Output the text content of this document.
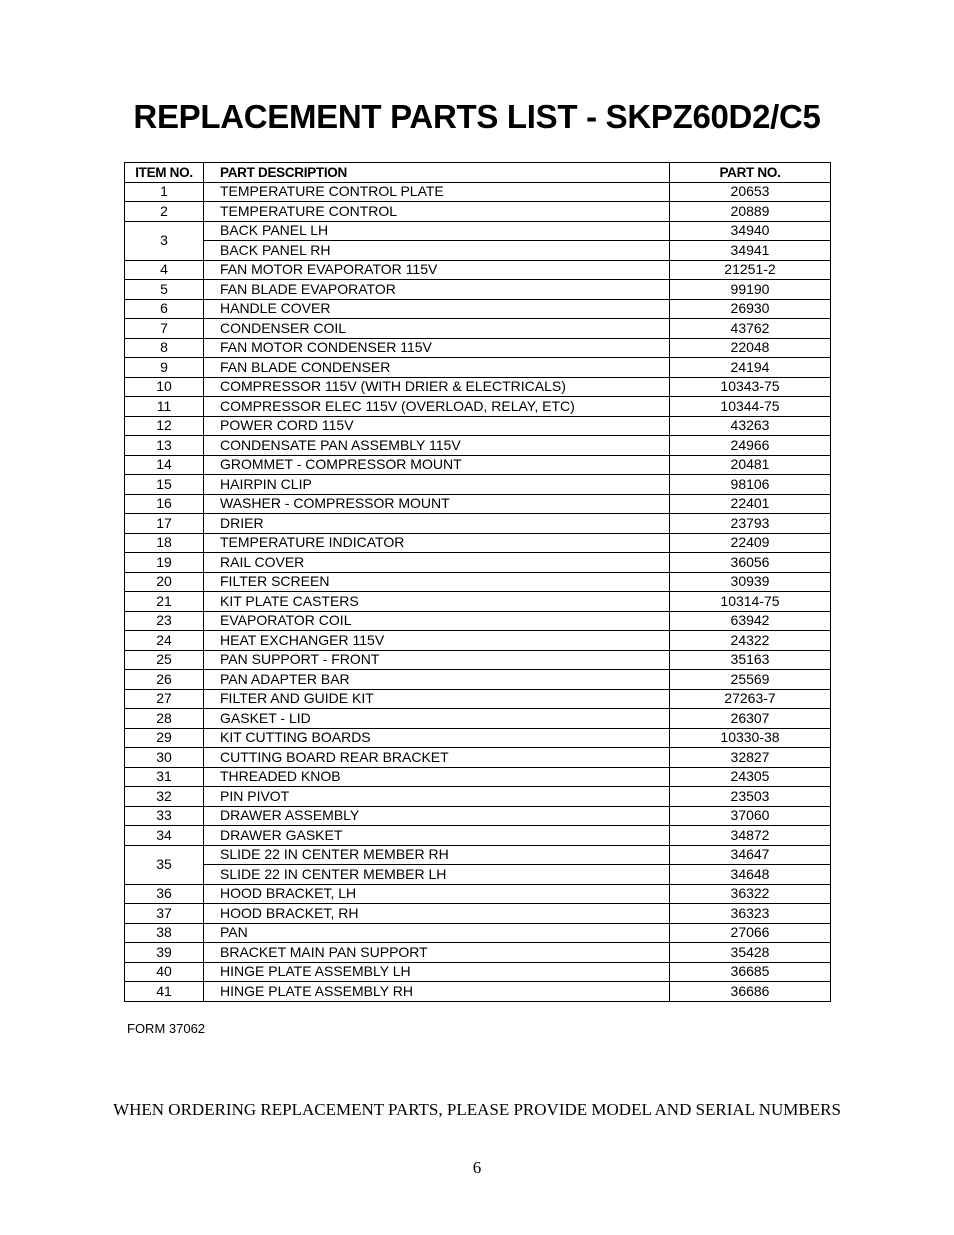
REPLACEMENT PARTS LIST - SKPZ60D2/C5
ITEM NO.	PART DESCRIPTION	PART NO.
1	TEMPERATURE CONTROL PLATE	20653
2	TEMPERATURE CONTROL	20889
3	BACK PANEL LH	34940
	BACK PANEL RH	34941
4	FAN MOTOR EVAPORATOR 115V	21251-2
5	FAN BLADE EVAPORATOR	99190
6	HANDLE COVER	26930
7	CONDENSER COIL	43762
8	FAN MOTOR CONDENSER 115V	22048
9	FAN BLADE CONDENSER	24194
10	COMPRESSOR 115V (WITH DRIER & ELECTRICALS)	10343-75
11	COMPRESSOR ELEC 115V (OVERLOAD, RELAY, ETC)	10344-75
12	POWER CORD 115V	43263
13	CONDENSATE PAN ASSEMBLY 115V	24966
14	GROMMET - COMPRESSOR MOUNT	20481
15	HAIRPIN CLIP	98106
16	WASHER - COMPRESSOR MOUNT	22401
17	DRIER	23793
18	TEMPERATURE INDICATOR	22409
19	RAIL COVER	36056
20	FILTER SCREEN	30939
21	KIT PLATE CASTERS	10314-75
23	EVAPORATOR COIL	63942
24	HEAT EXCHANGER 115V	24322
25	PAN SUPPORT - FRONT	35163
26	PAN ADAPTER BAR	25569
27	FILTER AND GUIDE KIT	27263-7
28	GASKET - LID	26307
29	KIT CUTTING BOARDS	10330-38
30	CUTTING BOARD REAR BRACKET	32827
31	THREADED KNOB	24305
32	PIN PIVOT	23503
33	DRAWER ASSEMBLY	37060
34	DRAWER GASKET	34872
35	SLIDE 22 IN CENTER MEMBER RH	34647
	SLIDE 22 IN CENTER MEMBER LH	34648
36	HOOD BRACKET, LH	36322
37	HOOD BRACKET, RH	36323
38	PAN	27066
39	BRACKET MAIN PAN SUPPORT	35428
40	HINGE PLATE ASSEMBLY LH	36685
41	HINGE PLATE ASSEMBLY RH	36686
FORM 37062
WHEN ORDERING REPLACEMENT PARTS, PLEASE PROVIDE MODEL AND SERIAL NUMBERS
6
